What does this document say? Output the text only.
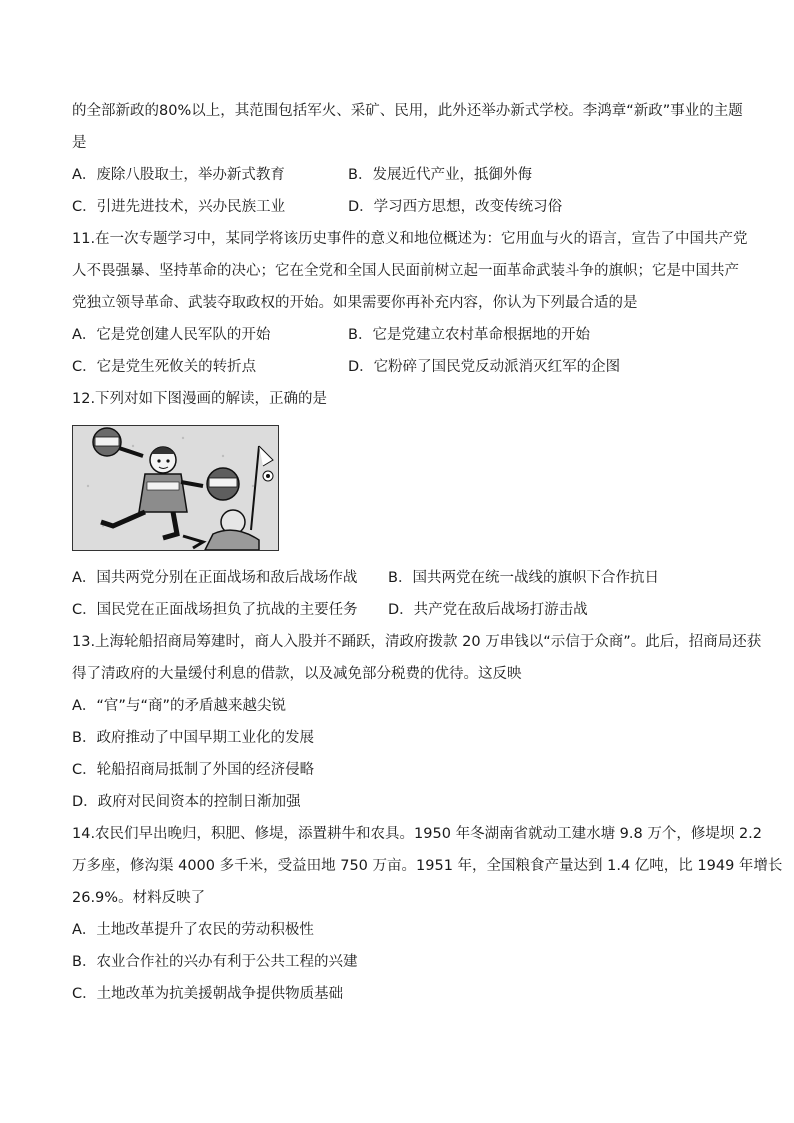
的全部新政的80%以上，其范围包括军火、采矿、民用，此外还举办新式学校。李鸿章“新政”事业的主题
是
A．废除八股取士，举办新式教育	B．发展近代产业，抵御外侮
C．引进先进技术，兴办民族工业	D．学习西方思想，改变传统习俗
11.在一次专题学习中，某同学将该历史事件的意义和地位概述为：它用血与火的语言，宣告了中国共产党
人不畏强暴、坚持革命的决心；它在全党和全国人民面前树立起一面革命武装斗争的旗帜；它是中国共产
党独立领导革命、武装夺取政权的开始。如果需要你再补充内容，你认为下列最合适的是
A．它是党创建人民军队的开始	B．它是党建立农村革命根据地的开始
C．它是党生死攸关的转折点	D．它粉碎了国民党反动派消灭红军的企图
12.下列对如下图漫画的解读，正确的是
A．国共两党分别在正面战场和敌后战场作战 B．国共两党在统一战线的旗帜下合作抗日
C．国民党在正面战场担负了抗战的主要任务 D．共产党在敌后战场打游击战
13.上海轮船招商局筹建时，商人入股并不踊跃，清政府拨款 20 万串钱以“示信于众商”。此后，招商局还获
得了清政府的大量缓付利息的借款，以及减免部分税费的优待。这反映
A．“官”与“商”的矛盾越来越尖锐
B．政府推动了中国早期工业化的发展
C．轮船招商局抵制了外国的经济侵略
D．政府对民间资本的控制日渐加强
14.农民们早出晚归，积肥、修堤，添置耕牛和农具。1950 年冬湖南省就动工建水塘 9.8 万个，修堤坝 2.2
万多座，修沟渠 4000 多千米，受益田地 750 万亩。1951 年，全国粮食产量达到 1.4 亿吨，比 1949 年增长
26.9%。材料反映了
A．土地改革提升了农民的劳动积极性
B．农业合作社的兴办有利于公共工程的兴建
C．土地改革为抗美援朝战争提供物质基础
